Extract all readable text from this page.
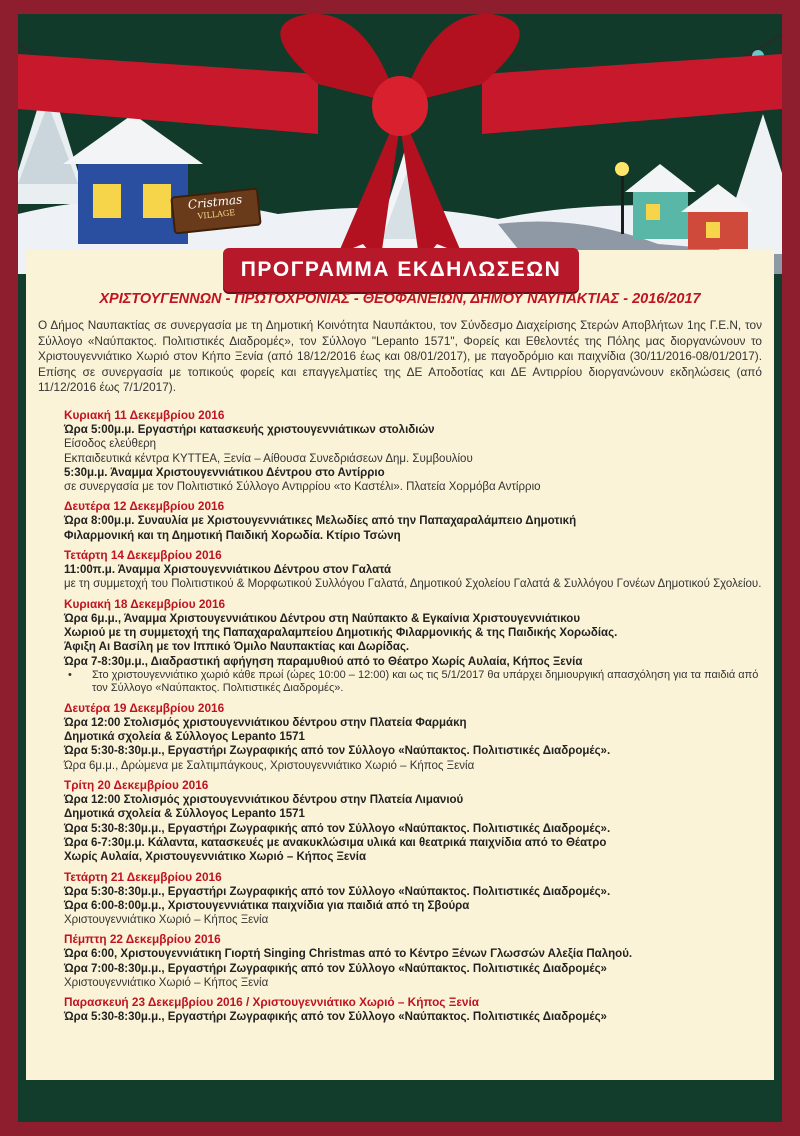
Cristmas
VILLAGE
ΠΡΟΓΡΑΜΜΑ ΕΚΔΗΛΩΣΕΩΝ
ΧΡΙΣΤΟΥΓΕΝΝΩΝ - ΠΡΩΤΟΧΡΟΝΙΑΣ - ΘΕΟΦΑΝΕΙΩΝ, ΔΗΜΟΥ ΝΑΥΠΑΚΤΙΑΣ - 2016/2017
Ο Δήμος Ναυπακτίας σε συνεργασία με τη Δημοτική Κοινότητα Ναυπάκτου, τον Σύνδεσμο Διαχείρισης Στερών Αποβλήτων 1ης Γ.Ε.Ν, τον Σύλλογο «Ναύπακτος. Πολιτιστικές Διαδρομές», τον Σύλλογο "Lepanto 1571", Φορείς και Εθελοντές της Πόλης μας διοργανώνουν το Χριστουγεννιάτικο Χωριό στον Κήπο Ξενία (από 18/12/2016 έως και 08/01/2017), με παγοδρόμιο και παιχνίδια (30/11/2016-08/01/2017). Επίσης σε συνεργασία με τοπικούς φορείς και επαγγελματίες της ΔΕ Αποδοτίας και ΔΕ Αντιρρίου διοργανώνουν εκδηλώσεις (από 11/12/2016 έως 7/1/2017).
Κυριακή 11 Δεκεμβρίου 2016
Ώρα 5:00μ.μ. Εργαστήρι κατασκευής χριστουγεννιάτικων στολιδιών
Είσοδος ελεύθερη
Εκπαιδευτικά κέντρα ΚΥΤΤΕΑ, Ξενία – Αίθουσα Συνεδριάσεων Δημ. Συμβουλίου
5:30μ.μ. Άναμμα Χριστουγεννιάτικου Δέντρου στο Αντίρριο
σε συνεργασία με τον Πολιτιστικό Σύλλογο Αντιρρίου «το Καστέλι». Πλατεία Χορμόβα Αντίρριο
Δευτέρα 12 Δεκεμβρίου 2016
Ώρα 8:00μ.μ. Συναυλία με Χριστουγεννιάτικες Μελωδίες από την Παπαχαραλάμπειο Δημοτική
Φιλαρμονική και τη Δημοτική Παιδική Χορωδία. Κτίριο Τσώνη
Τετάρτη 14 Δεκεμβρίου 2016
11:00π.μ. Άναμμα Χριστουγεννιάτικου Δέντρου στον Γαλατά
με τη συμμετοχή του Πολιτιστικού & Μορφωτικού Συλλόγου Γαλατά, Δημοτικού Σχολείου Γαλατά & Συλλόγου Γονέων Δημοτικού Σχολείου.
Κυριακή 18 Δεκεμβρίου 2016
Ώρα 6μ.μ., Άναμμα Χριστουγεννιάτικου Δέντρου στη Ναύπακτο & Εγκαίνια Χριστουγεννιάτικου
Χωριού με τη συμμετοχή της Παπαχαραλαμπείου Δημοτικής Φιλαρμονικής & της Παιδικής Χορωδίας.
Άφιξη Αι Βασίλη με τον Ιππικό Όμιλο Ναυπακτίας και Δωρίδας.
Ώρα 7-8:30μ.μ., Διαδραστική αφήγηση παραμυθιού από το Θέατρο Χωρίς Αυλαία, Κήπος Ξενία
• Στο χριστουγεννιάτικο χωριό κάθε πρωί (ώρες 10:00 – 12:00) και ως τις 5/1/2017 θα υπάρχει δημιουργική απασχόληση για τα παιδιά από τον Σύλλογο «Ναύπακτος. Πολιτιστικές Διαδρομές».
Δευτέρα 19 Δεκεμβρίου 2016
Ώρα 12:00 Στολισμός χριστουγεννιάτικου δέντρου στην Πλατεία Φαρμάκη
Δημοτικά σχολεία & Σύλλογος Lepanto 1571
Ώρα 5:30-8:30μ.μ., Εργαστήρι Ζωγραφικής από τον Σύλλογο «Ναύπακτος. Πολιτιστικές Διαδρομές».
Ώρα 6μ.μ., Δρώμενα με Σαλτιμπάγκους, Χριστουγεννιάτικο Χωριό – Κήπος Ξενία
Τρίτη 20 Δεκεμβρίου 2016
Ώρα 12:00 Στολισμός χριστουγεννιάτικου δέντρου στην Πλατεία Λιμανιού
Δημοτικά σχολεία & Σύλλογος Lepanto 1571
Ώρα 5:30-8:30μ.μ., Εργαστήρι Ζωγραφικής από τον Σύλλογο «Ναύπακτος. Πολιτιστικές Διαδρομές».
Ώρα 6-7:30μ.μ. Κάλαντα, κατασκευές με ανακυκλώσιμα υλικά και θεατρικά παιχνίδια από το Θέατρο
Χωρίς Αυλαία, Χριστουγεννιάτικο Χωριό – Κήπος Ξενία
Τετάρτη 21 Δεκεμβρίου 2016
Ώρα 5:30-8:30μ.μ., Εργαστήρι Ζωγραφικής από τον Σύλλογο «Ναύπακτος. Πολιτιστικές Διαδρομές».
Ώρα 6:00-8:00μ.μ., Χριστουγεννιάτικα παιχνίδια για παιδιά από τη Σβούρα
Χριστουγεννιάτικο Χωριό – Κήπος Ξενία
Πέμπτη 22 Δεκεμβρίου 2016
Ώρα 6:00, Χριστουγεννιάτικη Γιορτή Singing Christmas από το Κέντρο Ξένων Γλωσσών Αλεξία Παληού.
Ώρα 7:00-8:30μ.μ., Εργαστήρι Ζωγραφικής από τον Σύλλογο «Ναύπακτος. Πολιτιστικές Διαδρομές»
Χριστουγεννιάτικο Χωριό – Κήπος Ξενία
Παρασκευή 23 Δεκεμβρίου 2016 / Χριστουγεννιάτικο Χωριό – Κήπος Ξενία
Ώρα 5:30-8:30μ.μ., Εργαστήρι Ζωγραφικής από τον Σύλλογο «Ναύπακτος. Πολιτιστικές Διαδρομές»
